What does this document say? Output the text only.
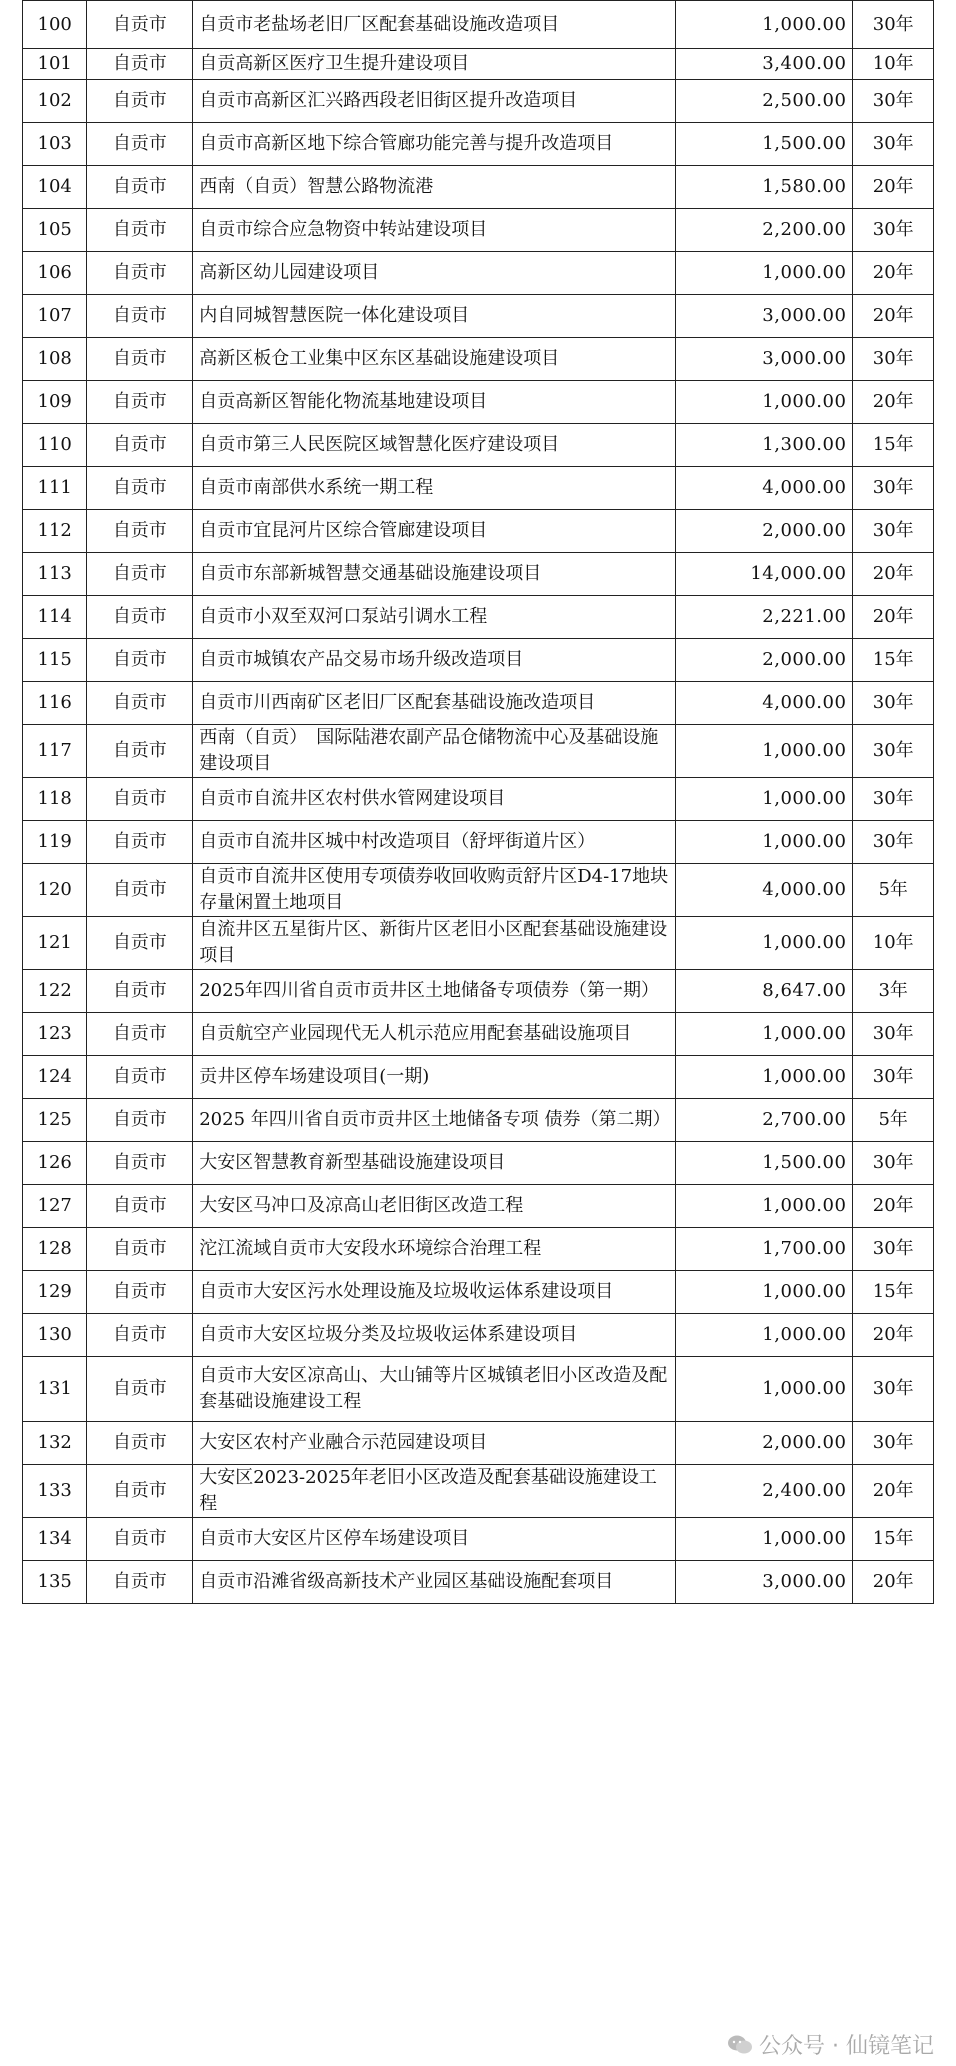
100	自贡市	自贡市老盐场老旧厂区配套基础设施改造项目	1,000.00	30年
101	自贡市	自贡高新区医疗卫生提升建设项目	3,400.00	10年
102	自贡市	自贡市高新区汇兴路西段老旧街区提升改造项目	2,500.00	30年
103	自贡市	自贡市高新区地下综合管廊功能完善与提升改造项目	1,500.00	30年
104	自贡市	西南（自贡）智慧公路物流港	1,580.00	20年
105	自贡市	自贡市综合应急物资中转站建设项目	2,200.00	30年
106	自贡市	高新区幼儿园建设项目	1,000.00	20年
107	自贡市	内自同城智慧医院一体化建设项目	3,000.00	20年
108	自贡市	高新区板仓工业集中区东区基础设施建设项目	3,000.00	30年
109	自贡市	自贡高新区智能化物流基地建设项目	1,000.00	20年
110	自贡市	自贡市第三人民医院区域智慧化医疗建设项目	1,300.00	15年
111	自贡市	自贡市南部供水系统一期工程	4,000.00	30年
112	自贡市	自贡市宜昆河片区综合管廊建设项目	2,000.00	30年
113	自贡市	自贡市东部新城智慧交通基础设施建设项目	14,000.00	20年
114	自贡市	自贡市小双至双河口泵站引调水工程	2,221.00	20年
115	自贡市	自贡市城镇农产品交易市场升级改造项目	2,000.00	15年
116	自贡市	自贡市川西南矿区老旧厂区配套基础设施改造项目	4,000.00	30年
117	自贡市	西南（自贡）　国际陆港农副产品仓储物流中心及基础设施建设项目	1,000.00	30年
118	自贡市	自贡市自流井区农村供水管网建设项目	1,000.00	30年
119	自贡市	自贡市自流井区城中村改造项目（舒坪街道片区）	1,000.00	30年
120	自贡市	自贡市自流井区使用专项债券收回收购贡舒片区D4-17地块存量闲置土地项目	4,000.00	5年
121	自贡市	自流井区五星街片区、新街片区老旧小区配套基础设施建设项目	1,000.00	10年
122	自贡市	2025年四川省自贡市贡井区土地储备专项债券（第一期）	8,647.00	3年
123	自贡市	自贡航空产业园现代无人机示范应用配套基础设施项目	1,000.00	30年
124	自贡市	贡井区停车场建设项目(一期)	1,000.00	30年
125	自贡市	2025 年四川省自贡市贡井区土地储备专项 债券（第二期）	2,700.00	5年
126	自贡市	大安区智慧教育新型基础设施建设项目	1,500.00	30年
127	自贡市	大安区马冲口及凉高山老旧街区改造工程	1,000.00	20年
128	自贡市	沱江流域自贡市大安段水环境综合治理工程	1,700.00	30年
129	自贡市	自贡市大安区污水处理设施及垃圾收运体系建设项目	1,000.00	15年
130	自贡市	自贡市大安区垃圾分类及垃圾收运体系建设项目	1,000.00	20年
131	自贡市	自贡市大安区凉高山、大山铺等片区城镇老旧小区改造及配套基础设施建设工程	1,000.00	30年
132	自贡市	大安区农村产业融合示范园建设项目	2,000.00	30年
133	自贡市	大安区2023-2025年老旧小区改造及配套基础设施建设工程	2,400.00	20年
134	自贡市	自贡市大安区片区停车场建设项目	1,000.00	15年
135	自贡市	自贡市沿滩省级高新技术产业园区基础设施配套项目	3,000.00	20年
公众号 · 仙镜笔记
